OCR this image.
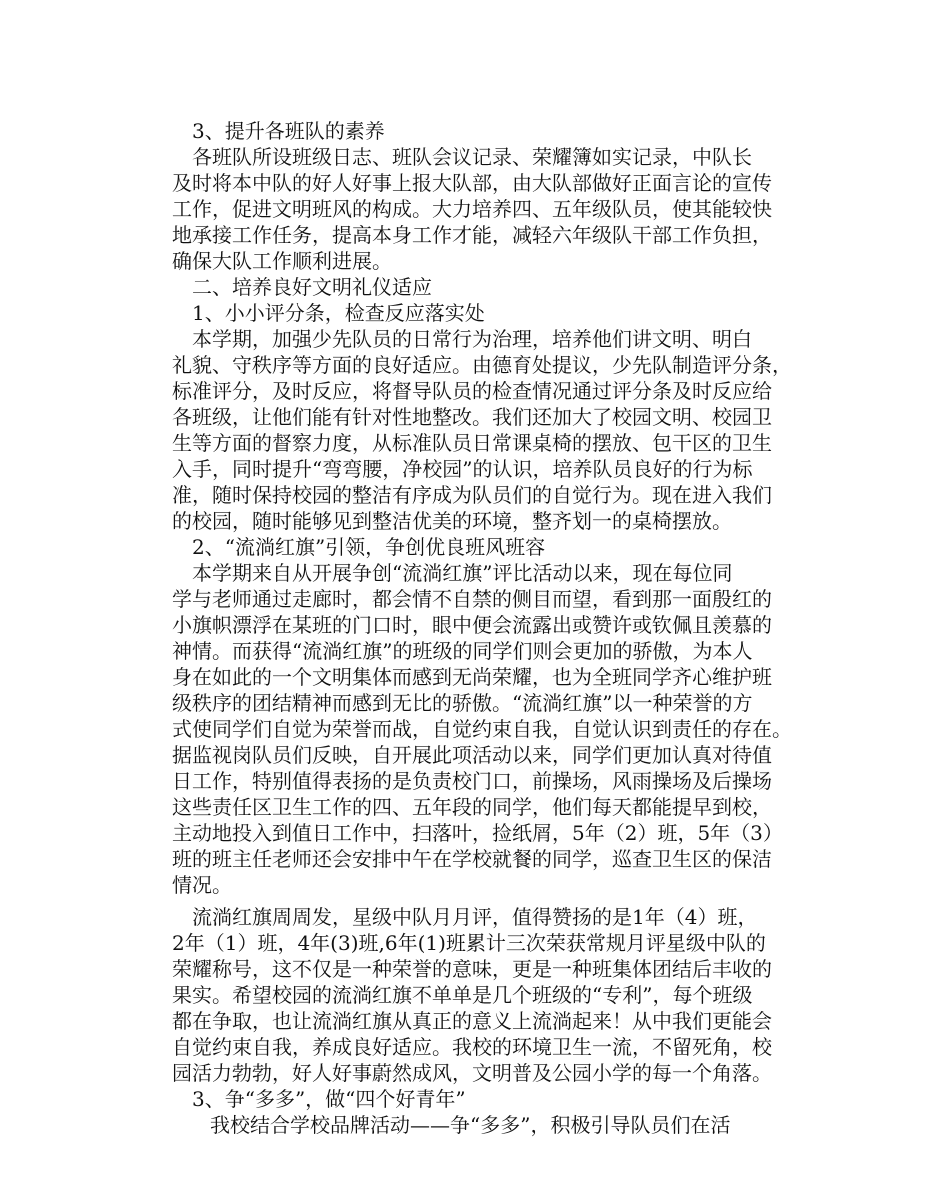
3、提升各班队的素养
各班队所设班级日志、班队会议记录、荣耀簿如实记录，中队长
及时将本中队的好人好事上报大队部，由大队部做好正面言论的宣传
工作，促进文明班风的构成。大力培养四、五年级队员，使其能较快
地承接工作任务，提高本身工作才能，减轻六年级队干部工作负担，
确保大队工作顺利进展。
二、培养良好文明礼仪适应
1、小小评分条，检查反应落实处
本学期，加强少先队员的日常行为治理，培养他们讲文明、明白
礼貌、守秩序等方面的良好适应。由德育处提议，少先队制造评分条，
标准评分，及时反应，将督导队员的检查情况通过评分条及时反应给
各班级，让他们能有针对性地整改。我们还加大了校园文明、校园卫
生等方面的督察力度，从标准队员日常课桌椅的摆放、包干区的卫生
入手，同时提升“弯弯腰，净校园”的认识，培养队员良好的行为标
准，随时保持校园的整洁有序成为队员们的自觉行为。现在进入我们
的校园，随时能够见到整洁优美的环境，整齐划一的桌椅摆放。
2、“流淌红旗”引领，争创优良班风班容
本学期来自从开展争创“流淌红旗”评比活动以来，现在每位同
学与老师通过走廊时，都会情不自禁的侧目而望，看到那一面殷红的
小旗帜漂浮在某班的门口时，眼中便会流露出或赞许或钦佩且羡慕的
神情。而获得“流淌红旗”的班级的同学们则会更加的骄傲，为本人
身在如此的一个文明集体而感到无尚荣耀，也为全班同学齐心维护班
级秩序的团结精神而感到无比的骄傲。“流淌红旗”以一种荣誉的方
式使同学们自觉为荣誉而战，自觉约束自我，自觉认识到责任的存在。
据监视岗队员们反映，自开展此项活动以来，同学们更加认真对待值
日工作，特别值得表扬的是负责校门口，前操场，风雨操场及后操场
这些责任区卫生工作的四、五年段的同学，他们每天都能提早到校，
主动地投入到值日工作中，扫落叶，捡纸屑，5年（2）班，5年（3）
班的班主任老师还会安排中午在学校就餐的同学，巡查卫生区的保洁
情况。
流淌红旗周周发，星级中队月月评，值得赞扬的是1年（4）班，
2年（1）班，4年(3)班,6年(1)班累计三次荣获常规月评星级中队的
荣耀称号，这不仅是一种荣誉的意味，更是一种班集体团结后丰收的
果实。希望校园的流淌红旗不单单是几个班级的“专利”，每个班级
都在争取，也让流淌红旗从真正的意义上流淌起来！从中我们更能会
自觉约束自我，养成良好适应。我校的环境卫生一流，不留死角，校
园活力勃勃，好人好事蔚然成风，文明普及公园小学的每一个角落。
3、争“多多”，做“四个好青年”
我校结合学校品牌活动——争“多多”，积极引导队员们在活
